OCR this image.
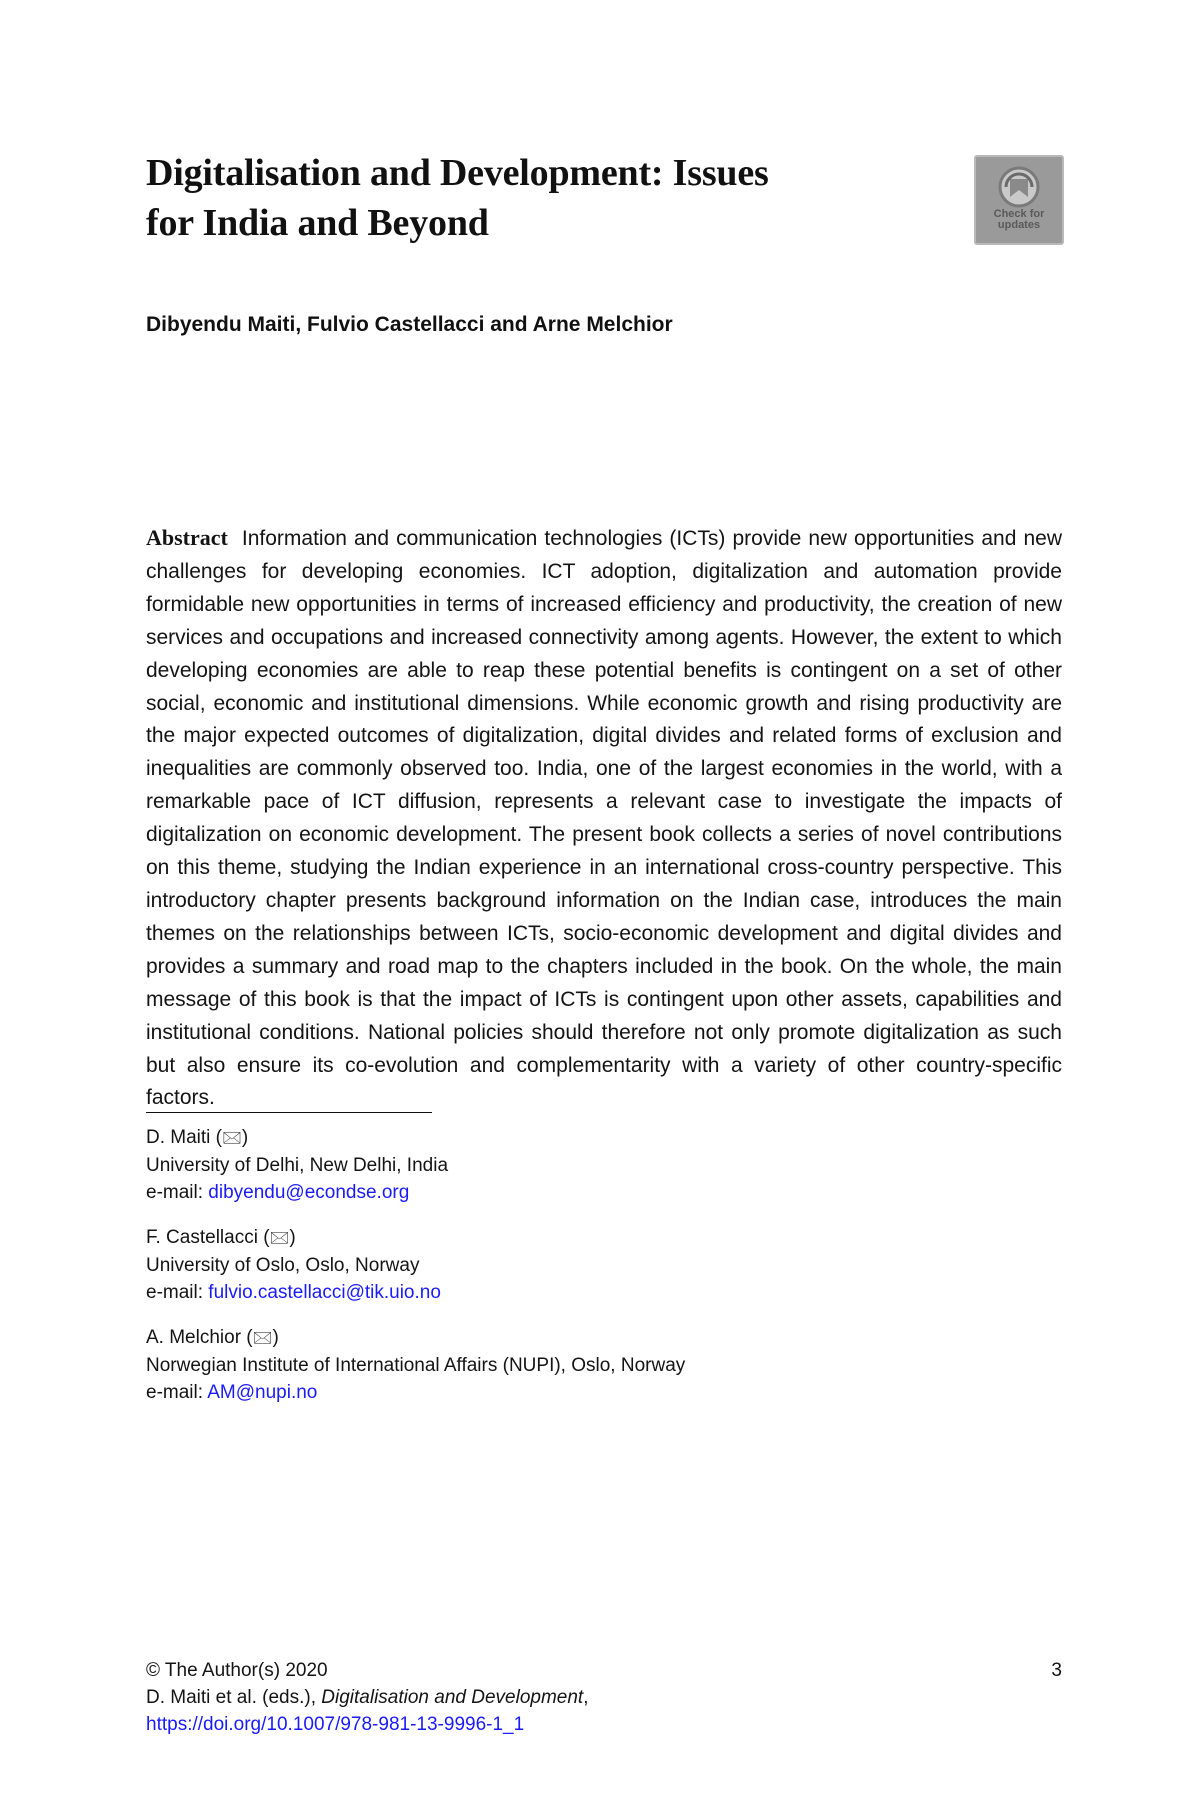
Digitalisation and Development: Issues
for India and Beyond	Check for updates
Dibyendu Maiti, Fulvio Castellacci and Arne Melchior
Abstract Information and communication technologies (ICTs) provide new opportunities and new challenges for developing economies. ICT adoption, digitalization and automation provide formidable new opportunities in terms of increased efficiency and productivity, the creation of new services and occupations and increased connectivity among agents. However, the extent to which developing economies are able to reap these potential benefits is contingent on a set of other social, economic and institutional dimensions. While economic growth and rising productivity are the major expected outcomes of digitalization, digital divides and related forms of exclusion and inequalities are commonly observed too. India, one of the largest economies in the world, with a remarkable pace of ICT diffusion, represents a relevant case to investigate the impacts of digitalization on economic development. The present book collects a series of novel contributions on this theme, studying the Indian experience in an international cross-country perspective. This introductory chapter presents background information on the Indian case, introduces the main themes on the relationships between ICTs, socio-economic development and digital divides and provides a summary and road map to the chapters included in the book. On the whole, the main message of this book is that the impact of ICTs is contingent upon other assets, capabilities and institutional conditions. National policies should therefore not only promote digitalization as such but also ensure its co-evolution and complementarity with a variety of other country-specific factors.
D. Maiti (🖂)
University of Delhi, New Delhi, India
e-mail: dibyendu@econdse.org
F. Castellacci (🖂)
University of Oslo, Oslo, Norway
e-mail: fulvio.castellacci@tik.uio.no
A. Melchior (🖂)
Norwegian Institute of International Affairs (NUPI), Oslo, Norway
e-mail: AM@nupi.no
© The Author(s) 2020
D. Maiti et al. (eds.), Digitalisation and Development,
https://doi.org/10.1007/978-981-13-9996-1_1
3
